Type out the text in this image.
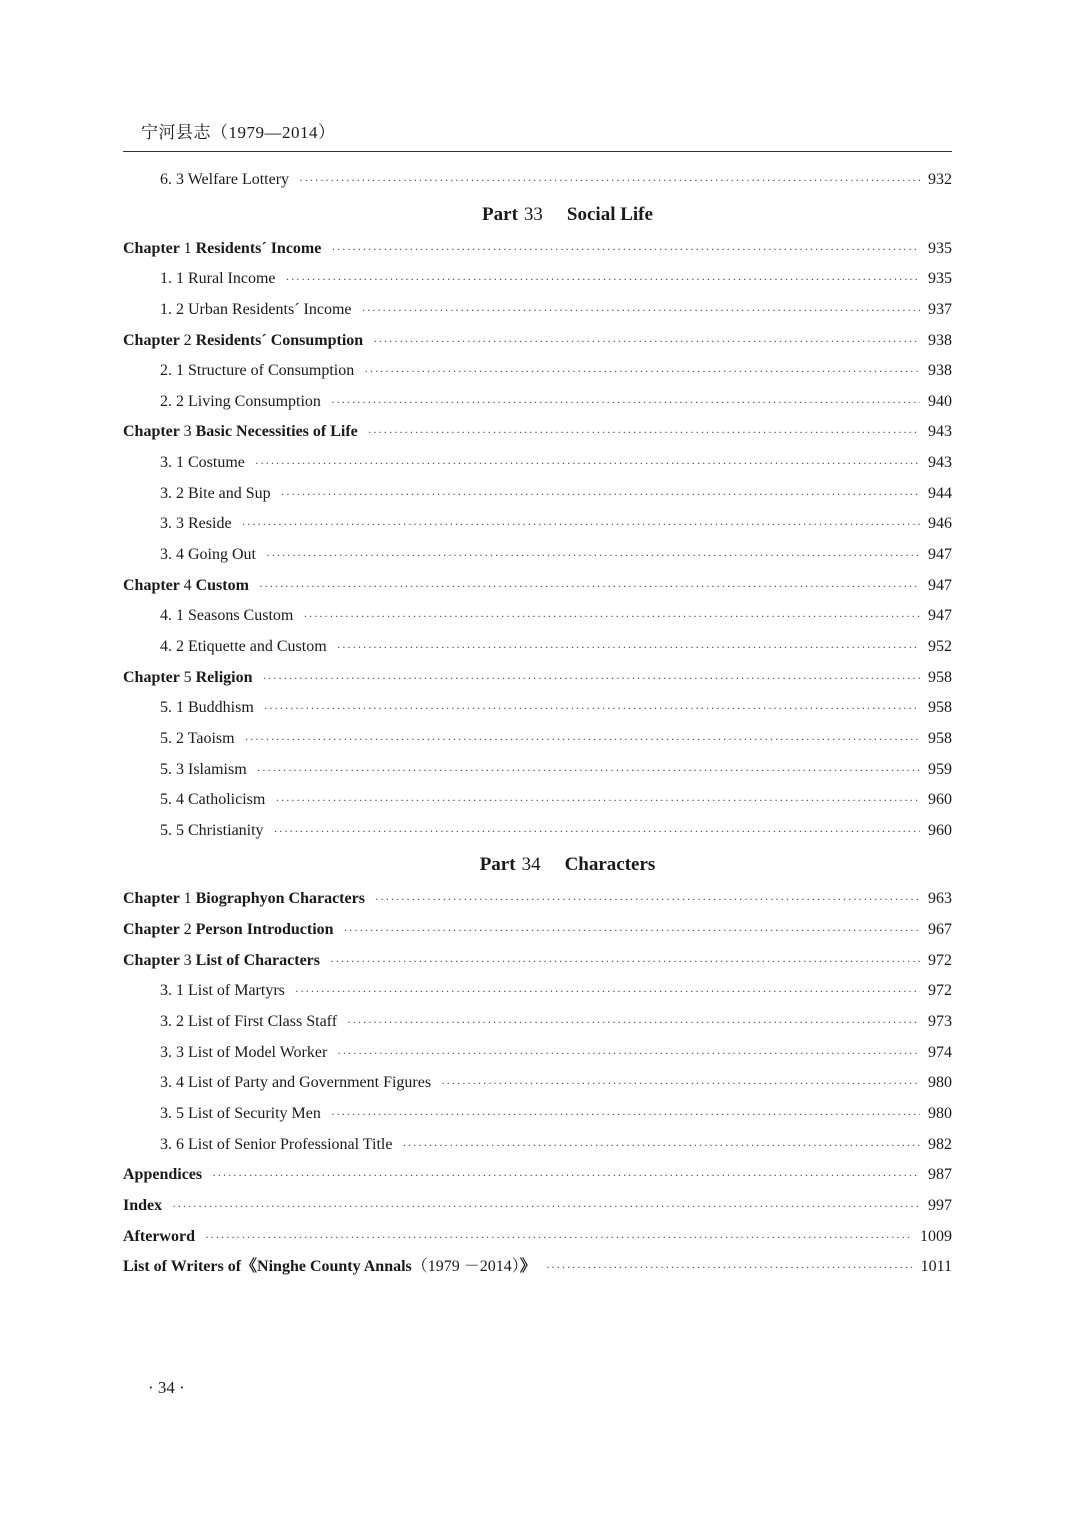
宁河县志（1979—2014）
6. 3 Welfare Lottery ·····	932
Part 33 Social Life
Chapter 1 Residents´ Income ·····	935
1. 1 Rural Income ·····	935
1. 2 Urban Residents´ Income ·····	937
Chapter 2 Residents´ Consumption ·····	938
2. 1 Structure of Consumption ·····	938
2. 2 Living Consumption ·····	940
Chapter 3 Basic Necessities of Life ·····	943
3. 1 Costume ·····	943
3. 2 Bite and Sup ·····	944
3. 3 Reside ·····	946
3. 4 Going Out ·····	947
Chapter 4 Custom ·····	947
4. 1 Seasons Custom ·····	947
4. 2 Etiquette and Custom ·····	952
Chapter 5 Religion ·····	958
5. 1 Buddhism ·····	958
5. 2 Taoism ·····	958
5. 3 Islamism ·····	959
5. 4 Catholicism ·····	960
5. 5 Christianity ·····	960
Part 34 Characters
Chapter 1 Biographyon Characters ·····	963
Chapter 2 Person Introduction ·····	967
Chapter 3 List of Characters ·····	972
3. 1 List of Martyrs ·····	972
3. 2 List of First Class Staff ·····	973
3. 3 List of Model Worker ·····	974
3. 4 List of Party and Government Figures ·····	980
3. 5 List of Security Men ·····	980
3. 6 List of Senior Professional Title ·····	982
Appendices ·····	987
Index ·····	997
Afterword ·····	1009
List of Writers of《Ninghe County Annals（1979 －2014）》 ·····	1011
· 34 ·
